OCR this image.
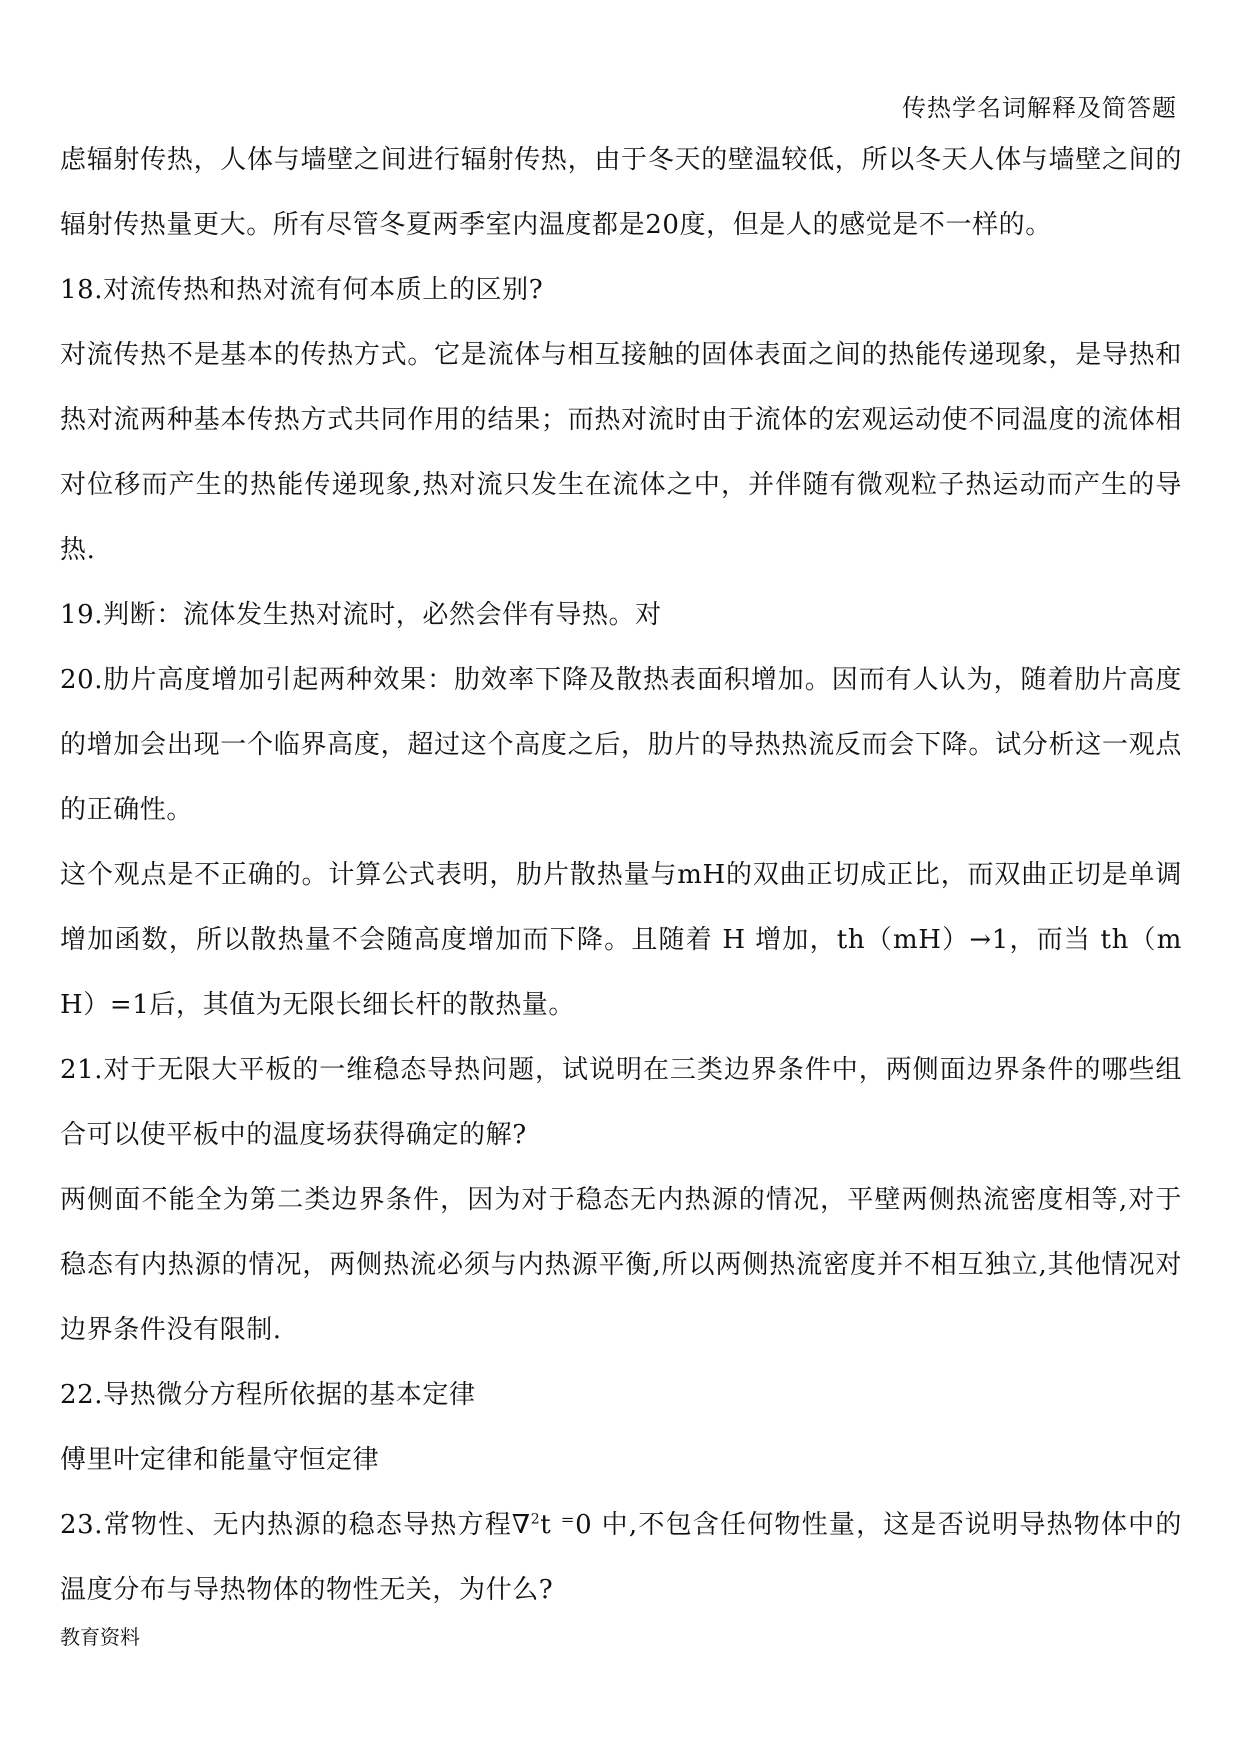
传热学名词解释及简答题

虑辐射传热，人体与墙壁之间进行辐射传热，由于冬天的壁温较低，所以冬天人体与墙壁之间的辐射传热量更大。所有尽管冬夏两季室内温度都是20度，但是人的感觉是不一样的。

18.对流传热和热对流有何本质上的区别?

对流传热不是基本的传热方式。它是流体与相互接触的固体表面之间的热能传递现象，是导热和热对流两种基本传热方式共同作用的结果；而热对流时由于流体的宏观运动使不同温度的流体相对位移而产生的热能传递现象,热对流只发生在流体之中，并伴随有微观粒子热运动而产生的导热.

19.判断：流体发生热对流时，必然会伴有导热。对

20.肋片高度增加引起两种效果：肋效率下降及散热表面积增加。因而有人认为，随着肋片高度的增加会出现一个临界高度，超过这个高度之后，肋片的导热热流反而会下降。试分析这一观点的正确性。

这个观点是不正确的。计算公式表明，肋片散热量与mH的双曲正切成正比，而双曲正切是单调增加函数，所以散热量不会随高度增加而下降。且随着 H 增加，th（mH）→1，而当 th（mH）=1后，其值为无限长细长杆的散热量。

21.对于无限大平板的一维稳态导热问题，试说明在三类边界条件中，两侧面边界条件的哪些组合可以使平板中的温度场获得确定的解?

两侧面不能全为第二类边界条件，因为对于稳态无内热源的情况，平壁两侧热流密度相等,对于稳态有内热源的情况，两侧热流必须与内热源平衡,所以两侧热流密度并不相互独立,其他情况对边界条件没有限制.

22.导热微分方程所依据的基本定律

傅里叶定律和能量守恒定律

23.常物性、无内热源的稳态导热方程∇$^2$t ⁼0 中,不包含任何物性量，这是否说明导热物体中的温度分布与导热物体的物性无关，为什么?

教育资料
